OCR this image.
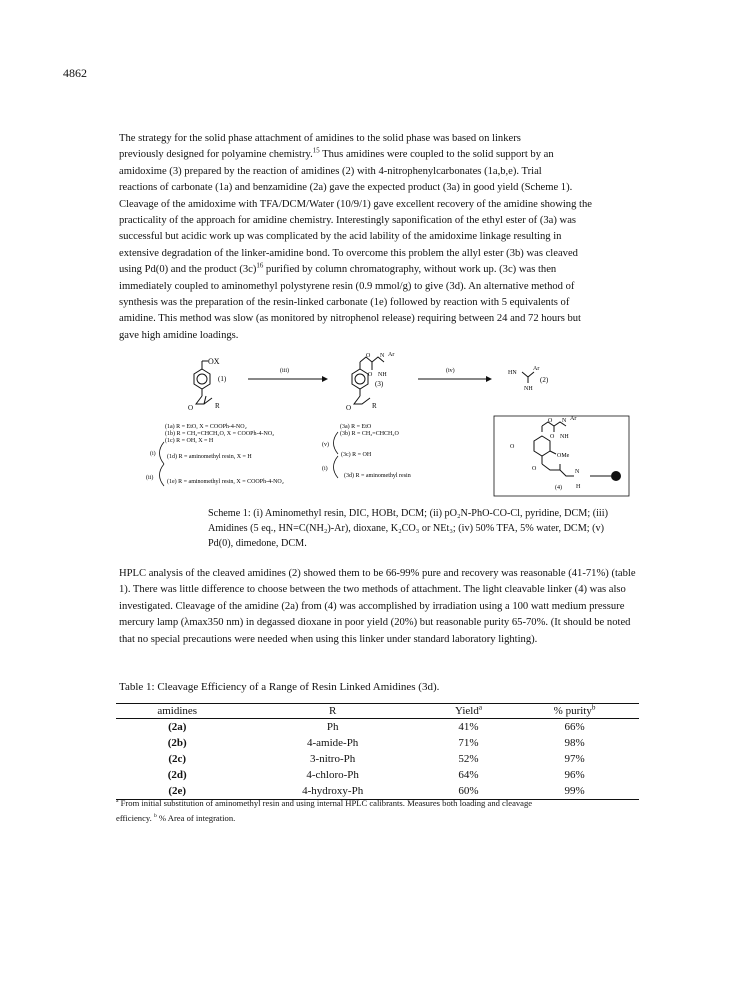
4862
The strategy for the solid phase attachment of amidines to the solid phase was based on linkers
previously designed for polyamine chemistry.$^{15}$ Thus amidines were coupled to the solid support by an
amidoxime (3) prepared by the reaction of amidines (2) with 4-nitrophenylcarbonates (1a,b,e). Trial
reactions of carbonate (1a) and benzamidine (2a) gave the expected product (3a) in good yield (Scheme 1).
Cleavage of the amidoxime with TFA/DCM/Water (10/9/1) gave excellent recovery of the amidine showing the
practicality of the approach for amidine chemistry. Interestingly saponification of the ethyl ester of (3a) was
successful but acidic work up was complicated by the acid lability of the amidoxime linkage resulting in
extensive degradation of the linker-amidine bond. To overcome this problem the allyl ester (3b) was cleaved
using Pd(0) and the product $(3c)^{16}$ purified by column chromatography, without work up. (3c) was then
immediately coupled to aminomethyl polystyrene resin (0.9 mmol/g) to give (3d). An alternative method of
synthesis was the preparation of the resin-linked carbonate (1e) followed by reaction with 5 equivalents of
amidine. This method was slow (as monitored by nitrophenol release) requiring between 24 and 72 hours but
gave high amidine loadings.
OX
(1)
O	R
(iii)
O N Ar
O NH
(3)
O	R
(iv)	HN
Ar
NH
(2)
(1a) R = EtO, X = COOPh-4-NO₂
(1b) R = CH₂=CHCH₂O, X = COOPh-4-NO₂
(1c) R = OH, X = H
(i) (1d) R = aminomethyl resin, X = H
(ii)
(1e) R = aminomethyl resin, X = COOPh-4-NO₂
(3a) R = EtO
(3b) R = CH₂=CHCH₂O
(v)
(3c) R = OH
(i)
(3d) R = aminomethyl resin
O N Ar
O NH
O
OMe
O	N
H
(4)
Scheme 1: (i) Aminomethyl resin, DIC, HOBt, DCM; (ii) pO₂N-PhO-CO-Cl, pyridine, DCM; (iii) Amidines (5 eq., HN=C(NH₂)-Ar), dioxane, K₂CO₃ or NEt₃; (iv) 50% TFA, 5% water, DCM; (v) Pd(0), dimedone, DCM.
HPLC analysis of the cleaved amidines (2) showed them to be 66-99% pure and recovery was reasonable (41-71%) (table 1). There was little difference to choose between the two methods of attachment. The light cleavable linker (4) was also investigated. Cleavage of the amidine (2a) from (4) was accomplished by irradiation using a 100 watt medium pressure mercury lamp (λmax350 nm) in degassed dioxane in poor yield (20%) but reasonable purity 65-70%. (It should be noted that no special precautions were needed when using this linker under standard laboratory lighting).
Table 1: Cleavage Efficiency of a Range of Resin Linked Amidines (3d).
amidines	R	Yield$^a$	% purity$^b$
(2a)	Ph	41%	66%
(2b)	4-amide-Ph	71%	98%
(2c)	3-nitro-Ph	52%	97%
(2d)	4-chloro-Ph	64%	96%
(2e)	4-hydroxy-Ph	60%	99%
$^a$ From initial substitution of aminomethyl resin and using internal HPLC calibrants. Measures both loading and cleavage
efficiency. $^b$ % Area of integration.
